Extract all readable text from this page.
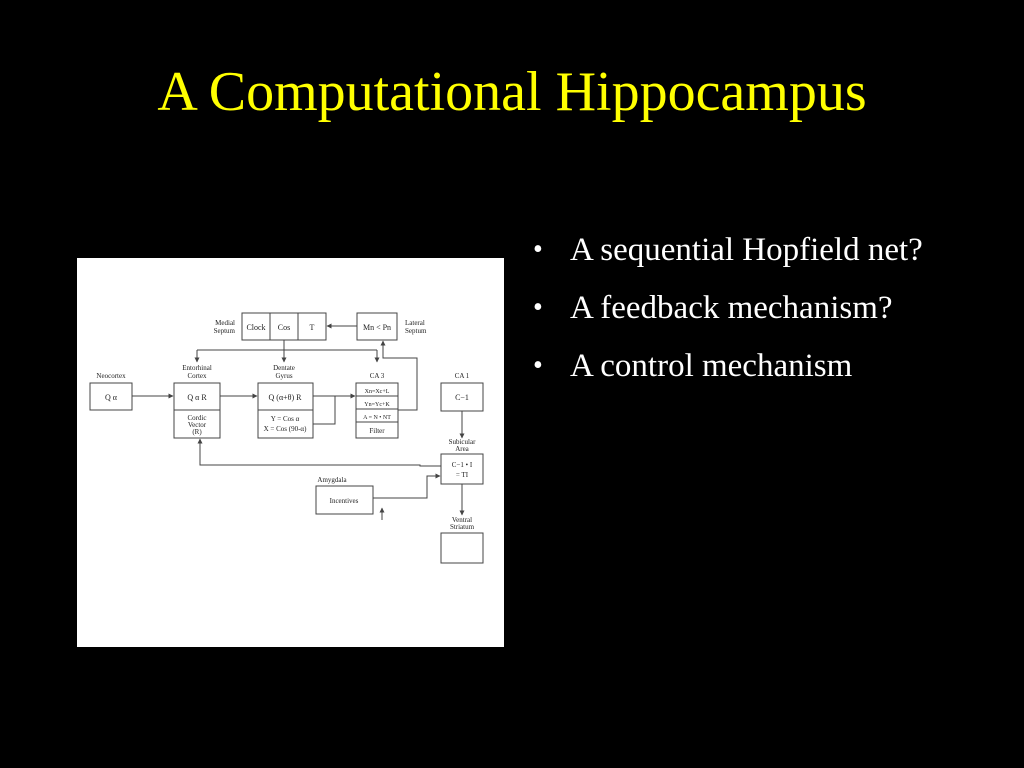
A Computational Hippocampus
Medial
Septum Clock Cos T	Mn < Pn Lateral
Septum
Neocortex
Entorhinal
Cortex
Dentate
Gyrus	CA 3	CA 1
Q α	Q α R
Cordic
Vector
(R)
Q (α+θ) R
Y = Cos α
X = Cos (90-α)
Xn=Xc+L
Yn=Yc+K
A = N • NT
Filter
C−1
Subicular
Area
C−1 • I
= TI
Amygdala
Incentives
Ventral
Striatum
• A sequential Hopfield net?
• A feedback mechanism?
• A control mechanism
